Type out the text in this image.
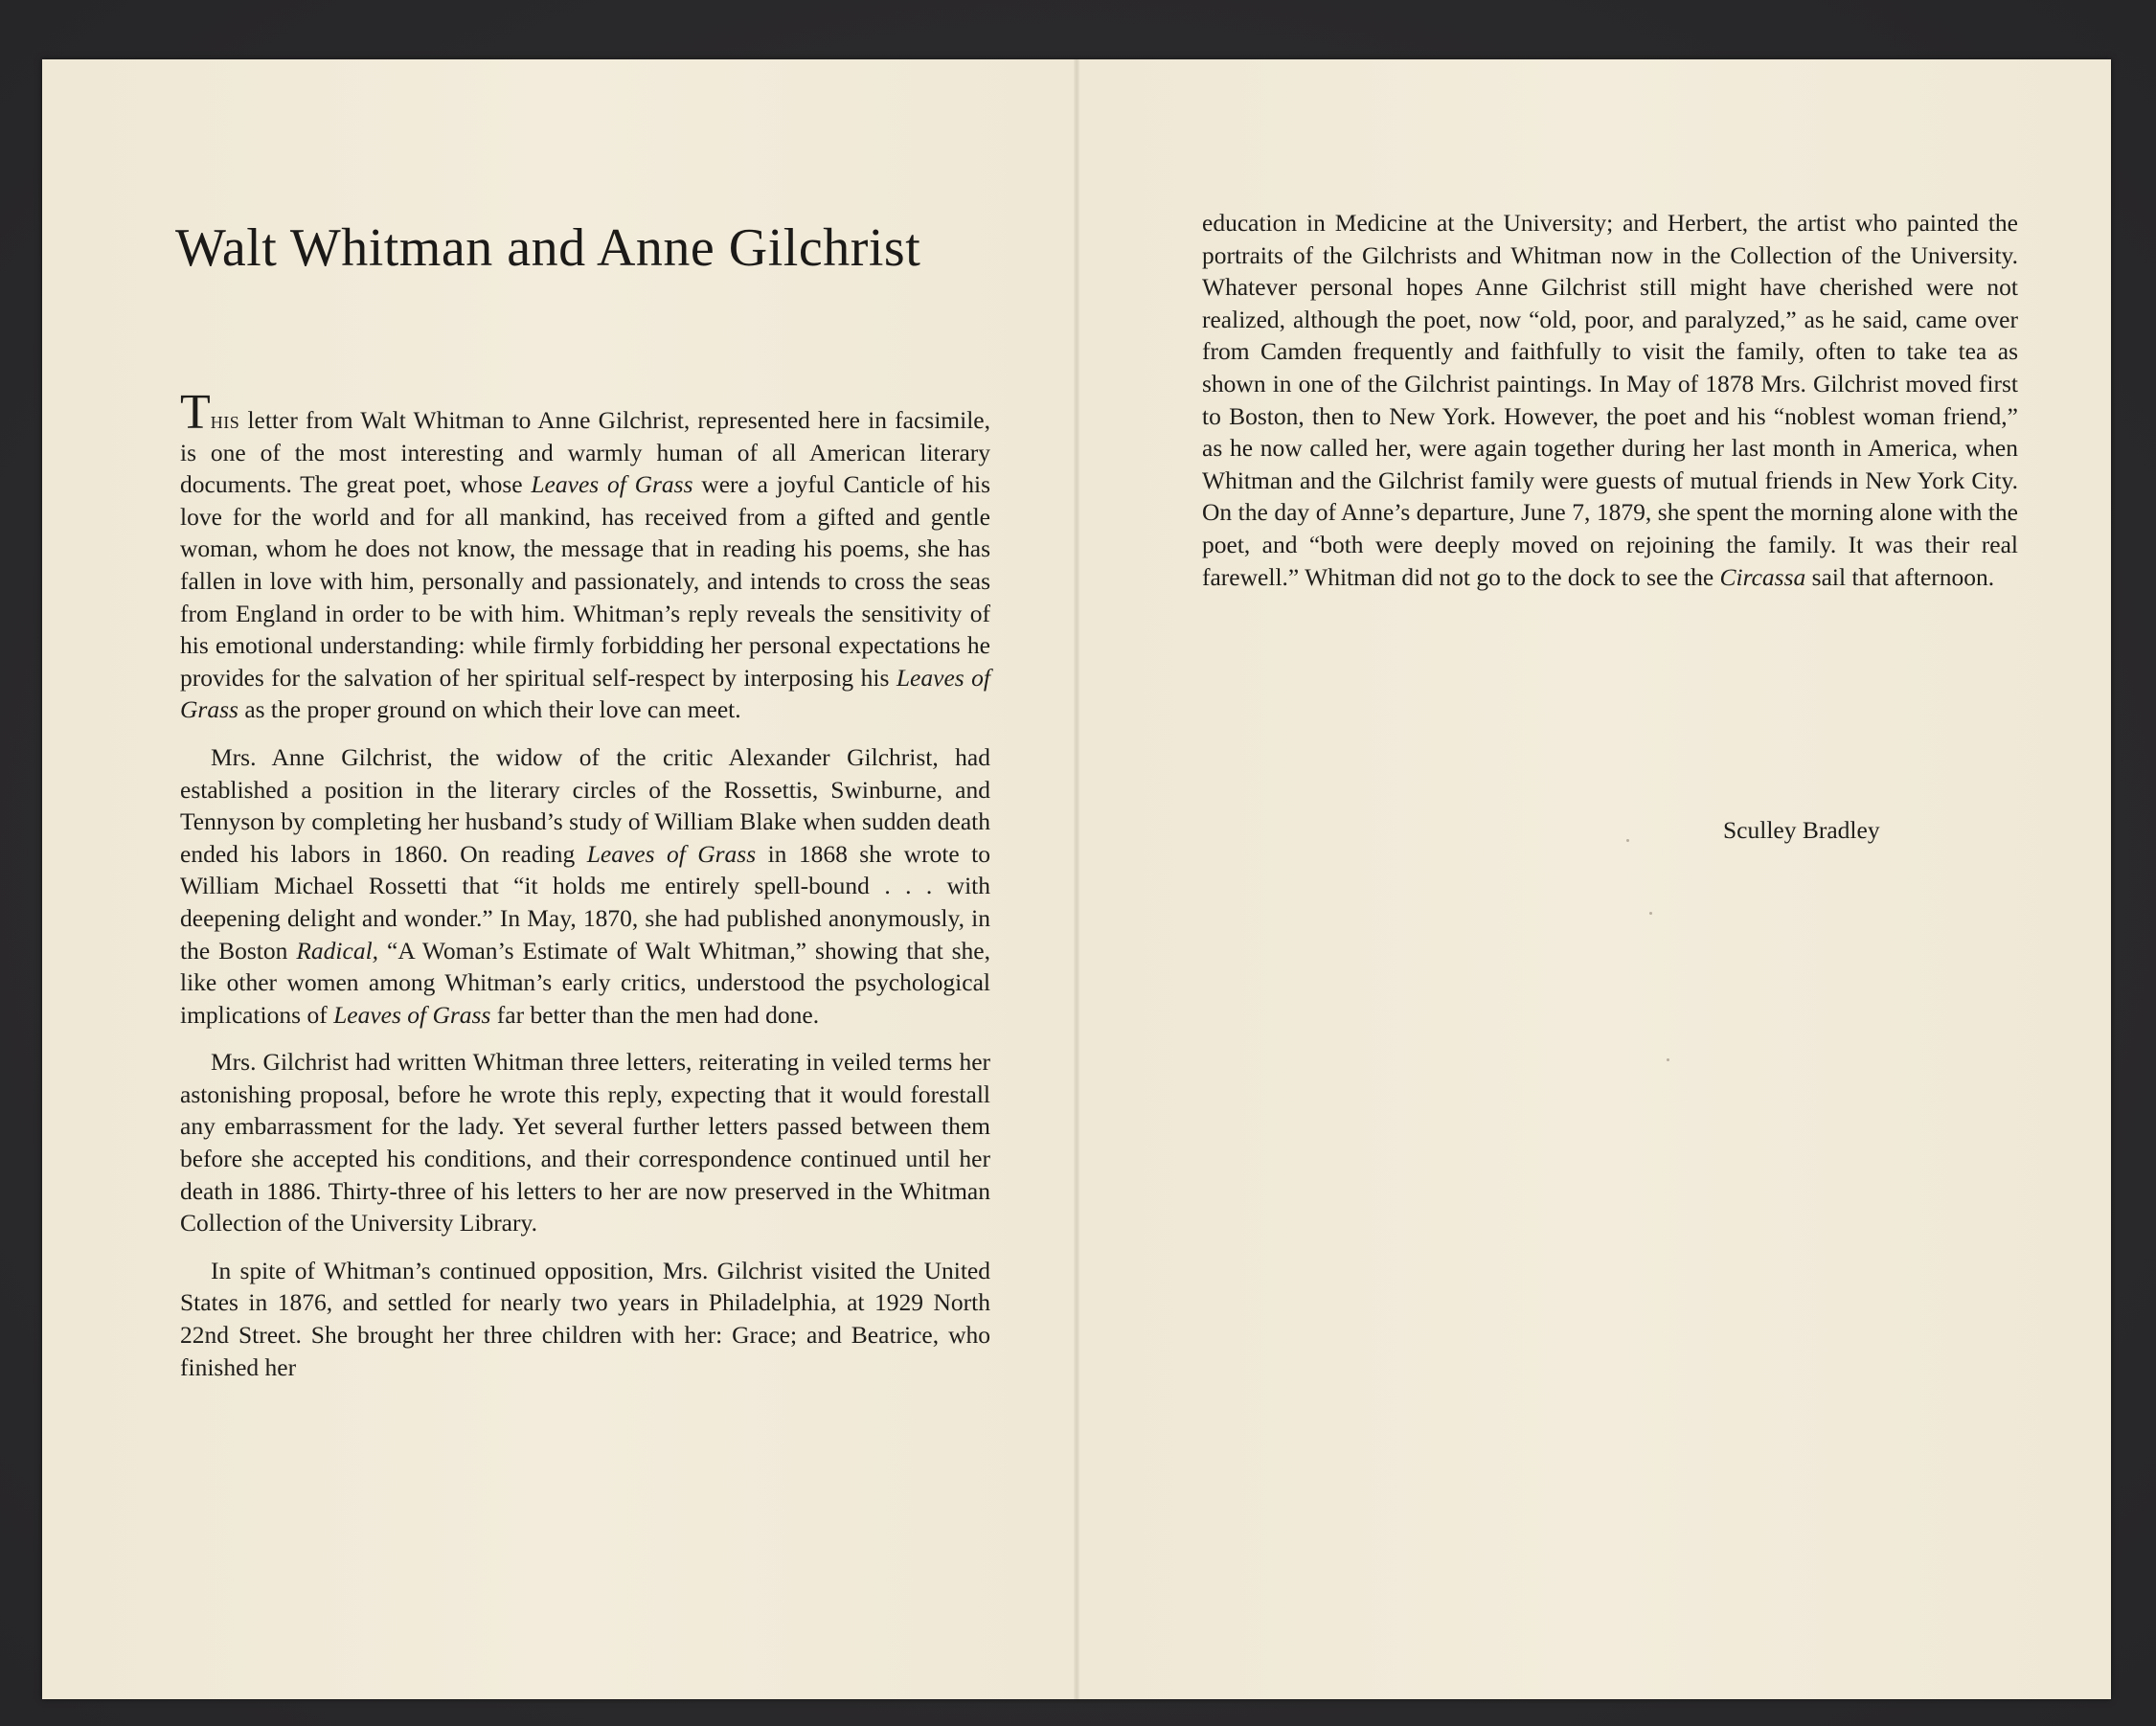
Walt Whitman and Anne Gilchrist

This letter from Walt Whitman to Anne Gilchrist, represented here in facsimile, is one of the most interesting and warmly human of all American literary documents. The great poet, whose Leaves of Grass were a joyful Canticle of his love for the world and for all mankind, has received from a gifted and gentle woman, whom he does not know, the message that in reading his poems, she has fallen in love with him, personally and passionately, and intends to cross the seas from England in order to be with him. Whitman’s reply reveals the sensitivity of his emotional understanding: while firmly forbidding her personal expectations he provides for the salvation of her spiritual self-respect by interposing his Leaves of Grass as the proper ground on which their love can meet.

Mrs. Anne Gilchrist, the widow of the critic Alexander Gilchrist, had established a position in the literary circles of the Rossettis, Swinburne, and Tennyson by completing her husband’s study of William Blake when sudden death ended his labors in 1860. On reading Leaves of Grass in 1868 she wrote to William Michael Rossetti that “it holds me entirely spell-bound . . . with deepening delight and wonder.” In May, 1870, she had published anonymously, in the Boston Radical, “A Woman’s Estimate of Walt Whitman,” showing that she, like other women among Whitman’s early critics, understood the psychological implications of Leaves of Grass far better than the men had done.

Mrs. Gilchrist had written Whitman three letters, reiterating in veiled terms her astonishing proposal, before he wrote this reply, expecting that it would forestall any embarrassment for the lady. Yet several further letters passed between them before she accepted his conditions, and their correspondence continued until her death in 1886. Thirty-three of his letters to her are now preserved in the Whitman Collection of the University Library.

In spite of Whitman’s continued opposition, Mrs. Gilchrist visited the United States in 1876, and settled for nearly two years in Philadelphia, at 1929 North 22nd Street. She brought her three children with her: Grace; and Beatrice, who finished her

education in Medicine at the University; and Herbert, the artist who painted the portraits of the Gilchrists and Whitman now in the Collection of the University. Whatever personal hopes Anne Gilchrist still might have cherished were not realized, although the poet, now “old, poor, and paralyzed,” as he said, came over from Camden frequently and faithfully to visit the family, often to take tea as shown in one of the Gilchrist paintings. In May of 1878 Mrs. Gilchrist moved first to Boston, then to New York. However, the poet and his “noblest woman friend,” as he now called her, were again together during her last month in America, when Whitman and the Gilchrist family were guests of mutual friends in New York City. On the day of Anne’s departure, June 7, 1879, she spent the morning alone with the poet, and “both were deeply moved on rejoining the family. It was their real farewell.” Whitman did not go to the dock to see the Circassa sail that afternoon.

Sculley Bradley
